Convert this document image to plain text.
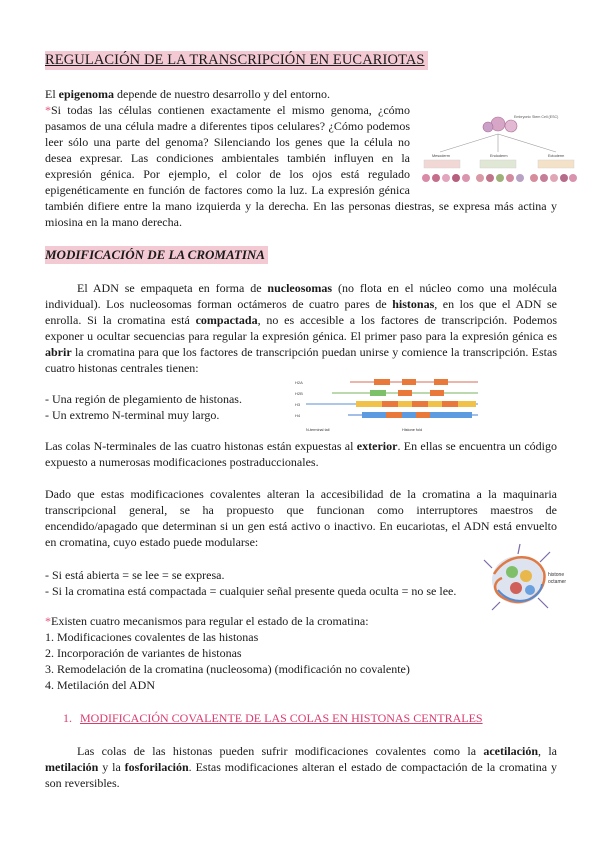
REGULACIÓN DE LA TRANSCRIPCIÓN EN EUCARIOTAS
El epigenoma depende de nuestro desarrollo y del entorno.
*Si todas las células contienen exactamente el mismo genoma, ¿cómo
pasamos de una célula madre a diferentes tipos celulares? ¿Cómo podemos
leer sólo una parte del genoma? Silenciando los genes que la célula no
desea expresar. Las condiciones ambientales también influyen en la
expresión génica. Por ejemplo, el color de los ojos está regulado
epigenéticamente en función de factores como la luz. La expresión génica
también difiere entre la mano izquierda y la derecha. En las personas diestras, se expresa más actina y
miosina en la mano derecha.
Embryonic Stem Cell (ESC)
Mesoderm	Endoderm	Ectoderm
MODIFICACIÓN DE LA CROMATINA
El ADN se empaqueta en forma de nucleosomas (no flota en el núcleo como una molécula
individual). Los nucleosomas forman octámeros de cuatro pares de histonas, en los que el ADN se
enrolla. Si la cromatina está compactada, no es accesible a los factores de transcripción. Podemos
exponer u ocultar secuencias para regular la expresión génica. El primer paso para la expresión génica es
abrir la cromatina para que los factores de transcripción puedan unirse y comience la transcripción. Estas
cuatro histonas centrales tienen:
- Una región de plegamiento de histonas.
- Un extremo N-terminal muy largo.
H2A
H2B
H3
H4
N-terminal tail	Histone fold
Las colas N-terminales de las cuatro histonas están expuestas al exterior. En ellas se encuentra un código
expuesto a numerosas modificaciones postraduccionales.
Dado que estas modificaciones covalentes alteran la accesibilidad de la cromatina a la maquinaria
transcripcional general, se ha propuesto que funcionan como interruptores maestros de
encendido/apagado que determinan si un gen está activo o inactivo. En eucariotas, el ADN está envuelto
en cromatina, cuyo estado puede modularse:
histone
octamer
- Si está abierta = se lee = se expresa.
- Si la cromatina está compactada = cualquier señal presente queda oculta = no se lee.
*Existen cuatro mecanismos para regular el estado de la cromatina:
1. Modificaciones covalentes de las histonas
2. Incorporación de variantes de histonas
3. Remodelación de la cromatina (nucleosoma) (modificación no covalente)
4. Metilación del ADN
1. MODIFICACIÓN COVALENTE DE LAS COLAS EN HISTONAS CENTRALES
Las colas de las histonas pueden sufrir modificaciones covalentes como la acetilación, la
metilación y la fosforilación. Estas modificaciones alteran el estado de compactación de la cromatina y
son reversibles.
